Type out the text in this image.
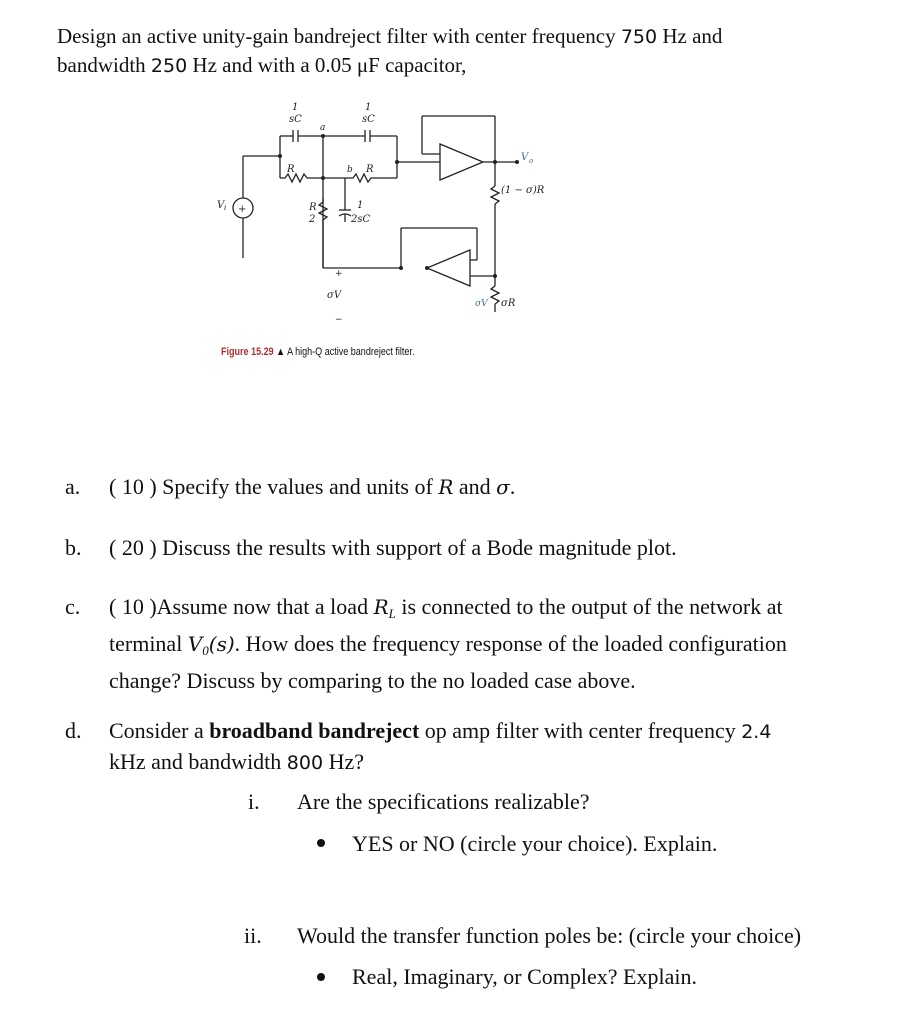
Design an active unity-gain bandreject filter with center frequency 750 Hz and
bandwidth 250 Hz and with a 0.05 μF capacitor,
1
sC
a
1
sC
R	b R
R
2
1
2sC
V i
V o
(1 − σ)R
σV
σV σR
+
−
+
Figure 15.29 ▲ A high-Q active bandreject filter.
a. ( 10 ) Specify the values and units of R and σ.
b. ( 20 ) Discuss the results with support of a Bode magnitude plot.
c. ( 10 )Assume now that a load $R_L$ is connected to the output of the network at
terminal $V_0(s)$. How does the frequency response of the loaded configuration
change? Discuss by comparing to the no loaded case above.
d. Consider a broadband bandreject op amp filter with center frequency 2.4
kHz and bandwidth 800 Hz?
i. Are the specifications realizable?
YES or NO (circle your choice). Explain.
ii. Would the transfer function poles be: (circle your choice)
Real, Imaginary, or Complex? Explain.
